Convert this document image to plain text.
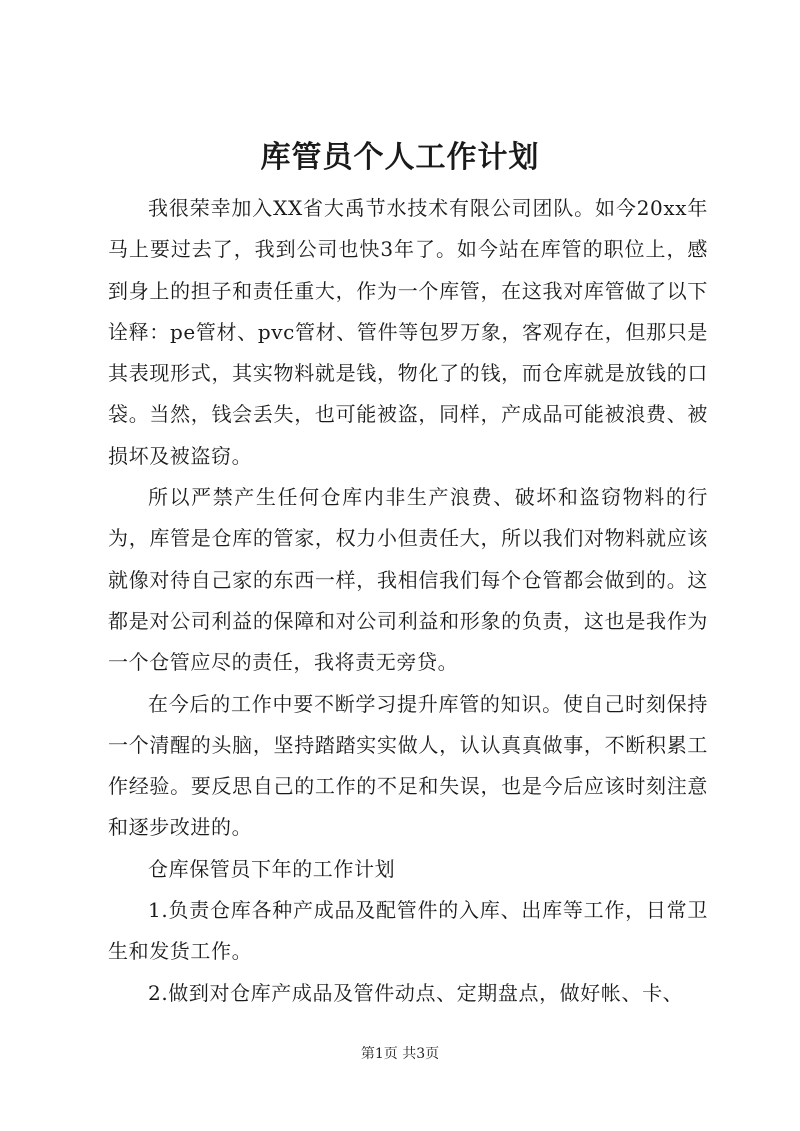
库管员个人工作计划

我很荣幸加入XX省大禹节水技术有限公司团队。如今20xx年马上要过去了，我到公司也快3年了。如今站在库管的职位上，感到身上的担子和责任重大，作为一个库管，在这我对库管做了以下诠释：pe管材、pvc管材、管件等包罗万象，客观存在，但那只是其表现形式，其实物料就是钱，物化了的钱，而仓库就是放钱的口袋。当然，钱会丢失，也可能被盗，同样，产成品可能被浪费、被损坏及被盗窃。

所以严禁产生任何仓库内非生产浪费、破坏和盗窃物料的行为，库管是仓库的管家，权力小但责任大，所以我们对物料就应该就像对待自己家的东西一样，我相信我们每个仓管都会做到的。这都是对公司利益的保障和对公司利益和形象的负责，这也是我作为一个仓管应尽的责任，我将责无旁贷。

在今后的工作中要不断学习提升库管的知识。使自己时刻保持一个清醒的头脑，坚持踏踏实实做人，认认真真做事，不断积累工作经验。要反思自己的工作的不足和失误，也是今后应该时刻注意和逐步改进的。

仓库保管员下年的工作计划

1.负责仓库各种产成品及配管件的入库、出库等工作，日常卫生和发货工作。

2.做到对仓库产成品及管件动点、定期盘点，做好帐、卡、

第1页 共3页
